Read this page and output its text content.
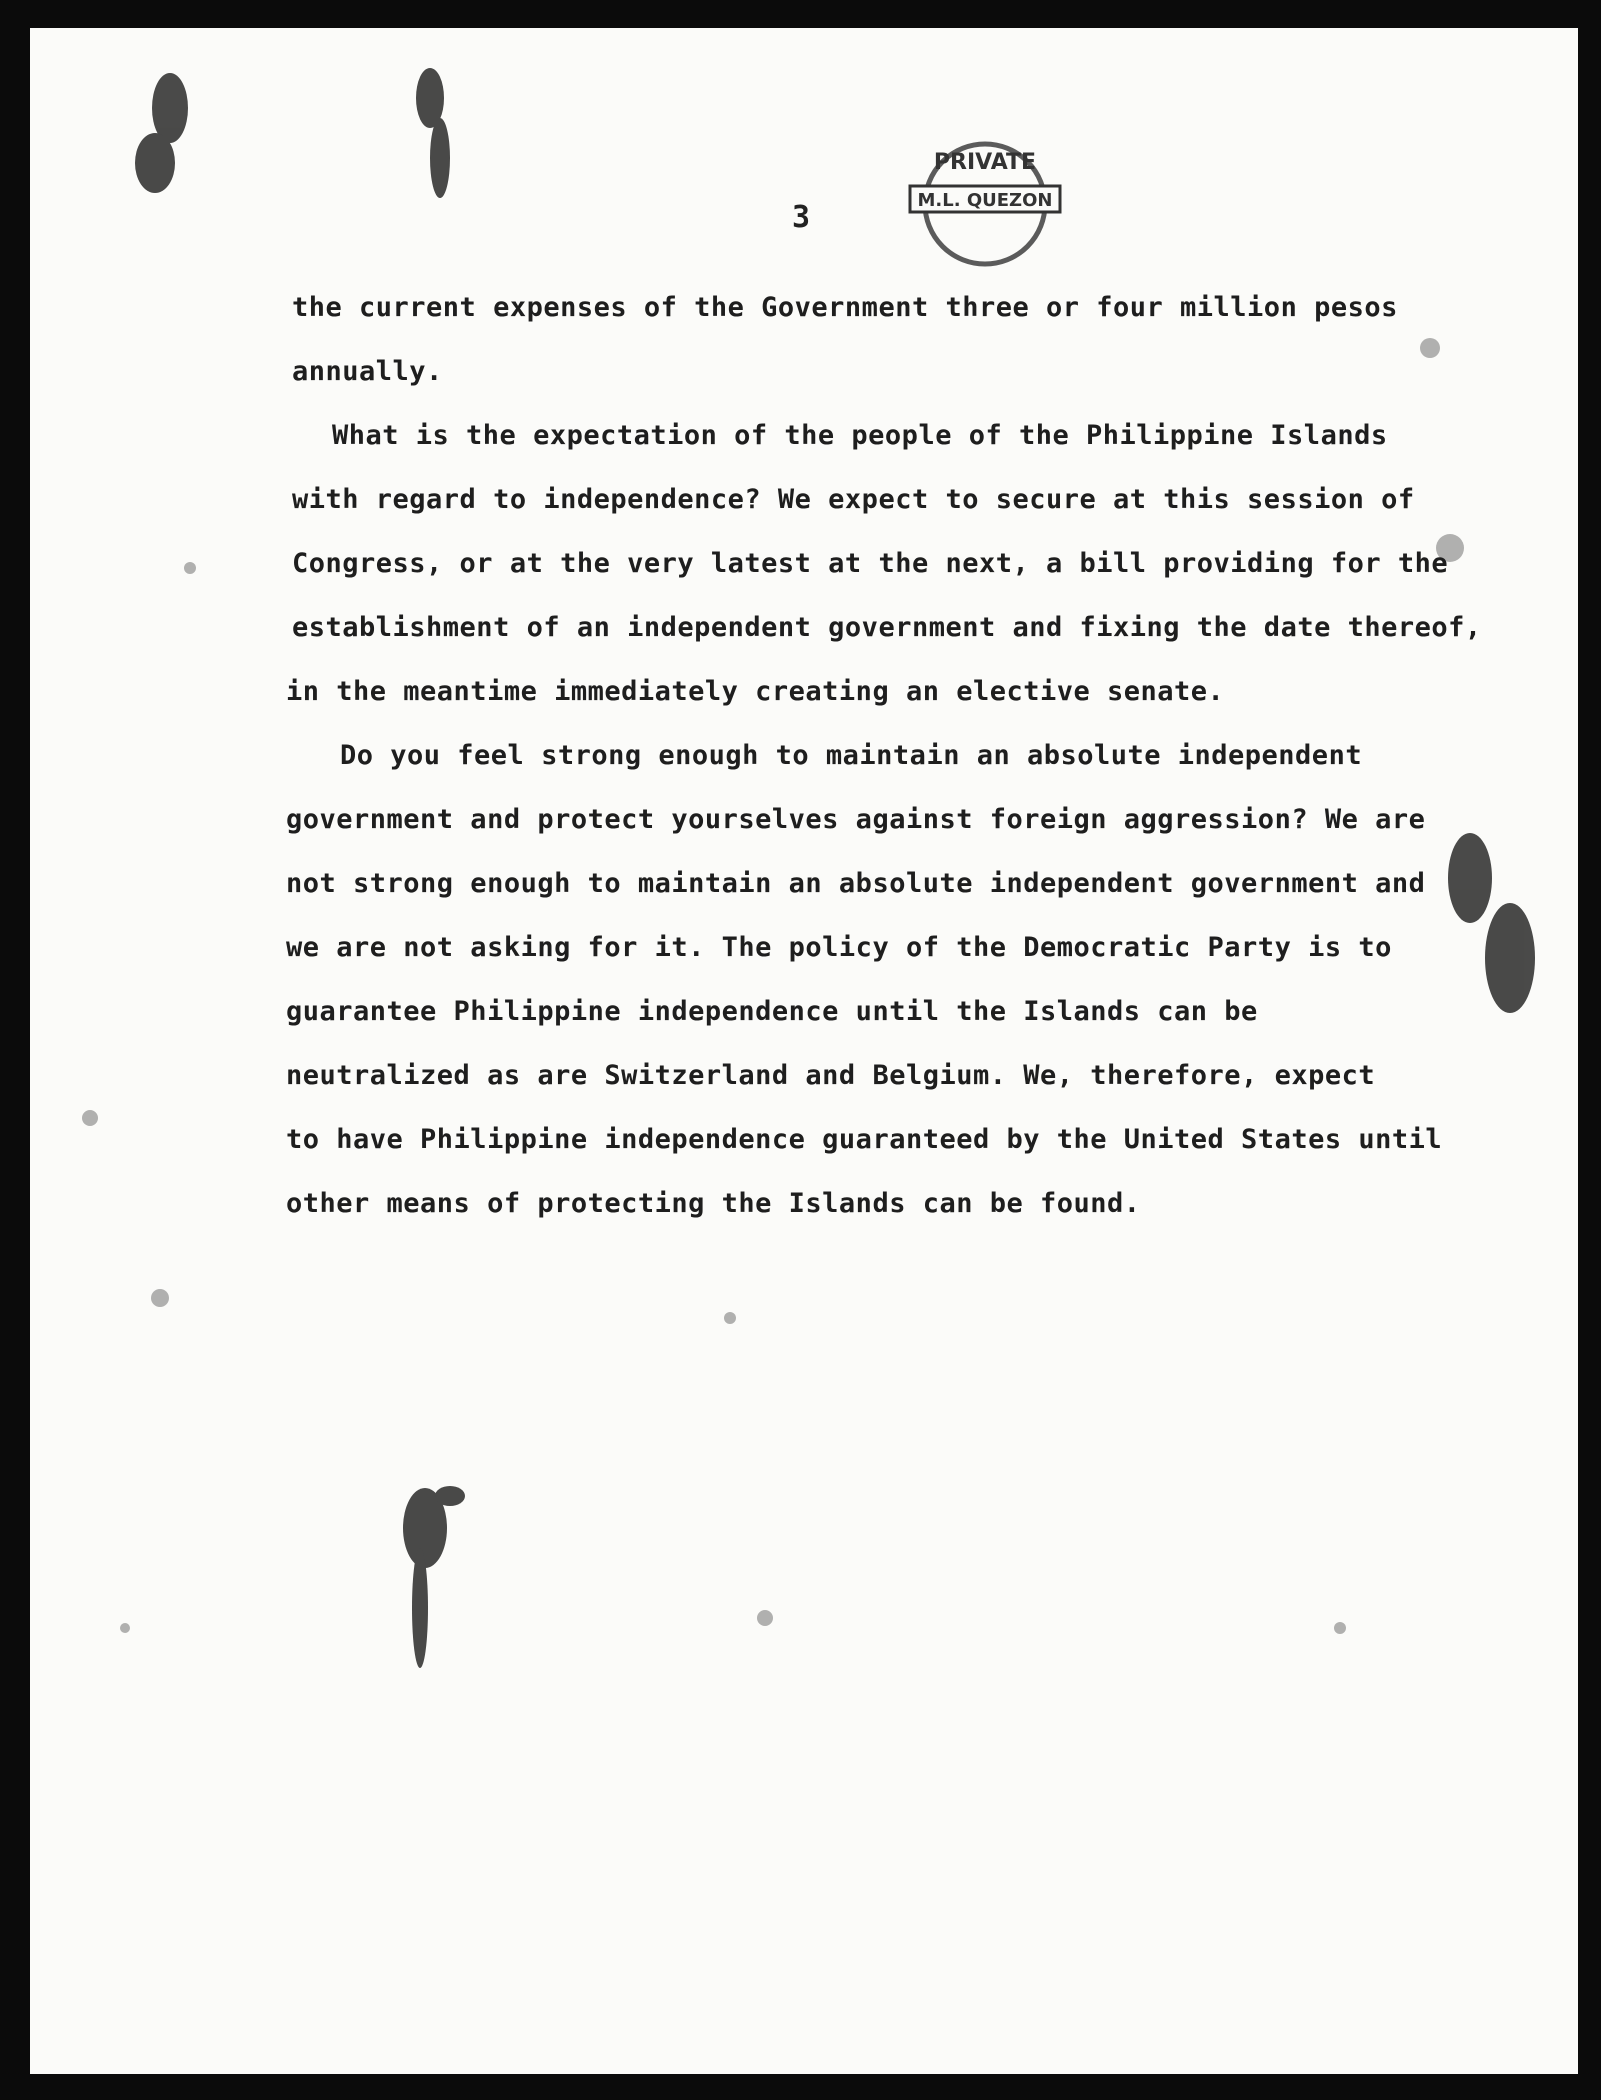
PRIVATE
M.L. QUEZON
3
the current expenses of the Government three or four million pesos
annually.
What is the expectation of the people of the Philippine Islands
with regard to independence? We expect to secure at this session of
Congress, or at the very latest at the next, a bill providing for the
establishment of an independent government and fixing the date thereof,
in the meantime immediately creating an elective senate.
Do you feel strong enough to maintain an absolute independent
government and protect yourselves against foreign aggression? We are
not strong enough to maintain an absolute independent government and
we are not asking for it. The policy of the Democratic Party is to
guarantee Philippine independence until the Islands can be
neutralized as are Switzerland and Belgium. We, therefore, expect
to have Philippine independence guaranteed by the United States until
other means of protecting the Islands can be found.
